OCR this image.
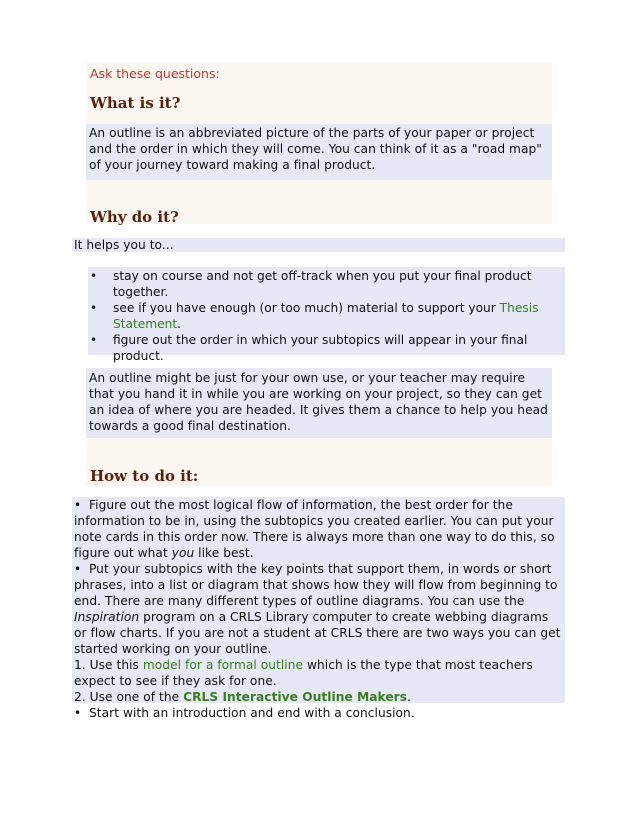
Ask these questions:
What is it?

An outline is an abbreviated picture of the parts of your paper or project and the order in which they will come. You can think of it as a "road map" of your journey toward making a final product.

Why do it?
It helps you to...
• stay on course and not get off-track when you put your final product together.
• see if you have enough (or too much) material to support your Thesis Statement.
• figure out the order in which your subtopics will appear in your final product.

An outline might be just for your own use, or your teacher may require that you hand it in while you are working on your project, so they can get an idea of where you are headed. It gives them a chance to help you head towards a good final destination.

How to do it:

• Figure out the most logical flow of information, the best order for the information to be in, using the subtopics you created earlier. You can put your note cards in this order now. There is always more than one way to do this, so figure out what you like best.

• Put your subtopics with the key points that support them, in words or short phrases, into a list or diagram that shows how they will flow from beginning to end. There are many different types of outline diagrams. You can use the Inspiration program on a CRLS Library computer to create webbing diagrams or flow charts. If you are not a student at CRLS there are two ways you can get started working on your outline.

1. Use this model for a formal outline which is the type that most teachers expect to see if they ask for one.

2. Use one of the CRLS Interactive Outline Makers.

• Start with an introduction and end with a conclusion.
